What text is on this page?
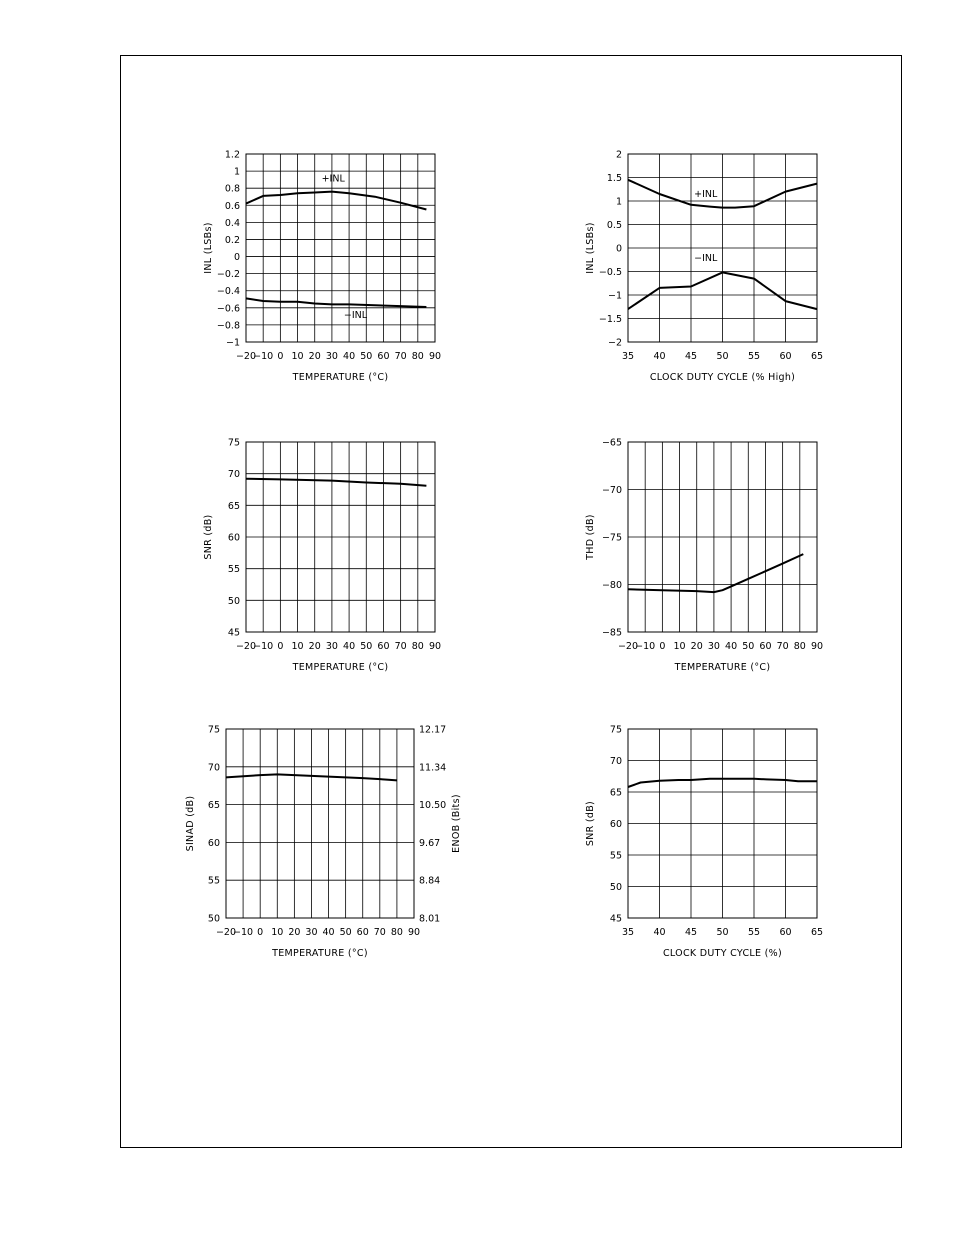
−20
−10 0 10 20 30 40 50 60 70 80 90
−1
−0.8
−0.6
−0.4
−0.2
0
0.2
0.4
0.6
0.8
1
1.2
+INL
−INL
TEMPERATURE (°C)
INL (LSBs)
35 40 45 50 55 60 65
−2
−1.5
−1
−0.5
0
0.5
1
1.5
2
+INL
−INL
CLOCK DUTY CYCLE (% High)
INL (LSBs)
−20
−10 0 10 20 30 40 50 60 70 80 90
45
50
55
60
65
70
75
TEMPERATURE (°C)
SNR (dB)
−20
−10 0 10 20 30 40 50 60 70 80 90
−85
−80
−75
−70
−65
TEMPERATURE (°C)
THD (dB)
−20
−10 0 10 20 30 40 50 60 70 80 90
50
55
60
65
70
75
8.01
8.84
9.67
10.50
11.34
12.17
TEMPERATURE (°C)
SINAD (dB)	ENOB (Bits)
35 40 45 50 55 60 65
45
50
55
60
65
70
75
CLOCK DUTY CYCLE (%)
SNR (dB)
